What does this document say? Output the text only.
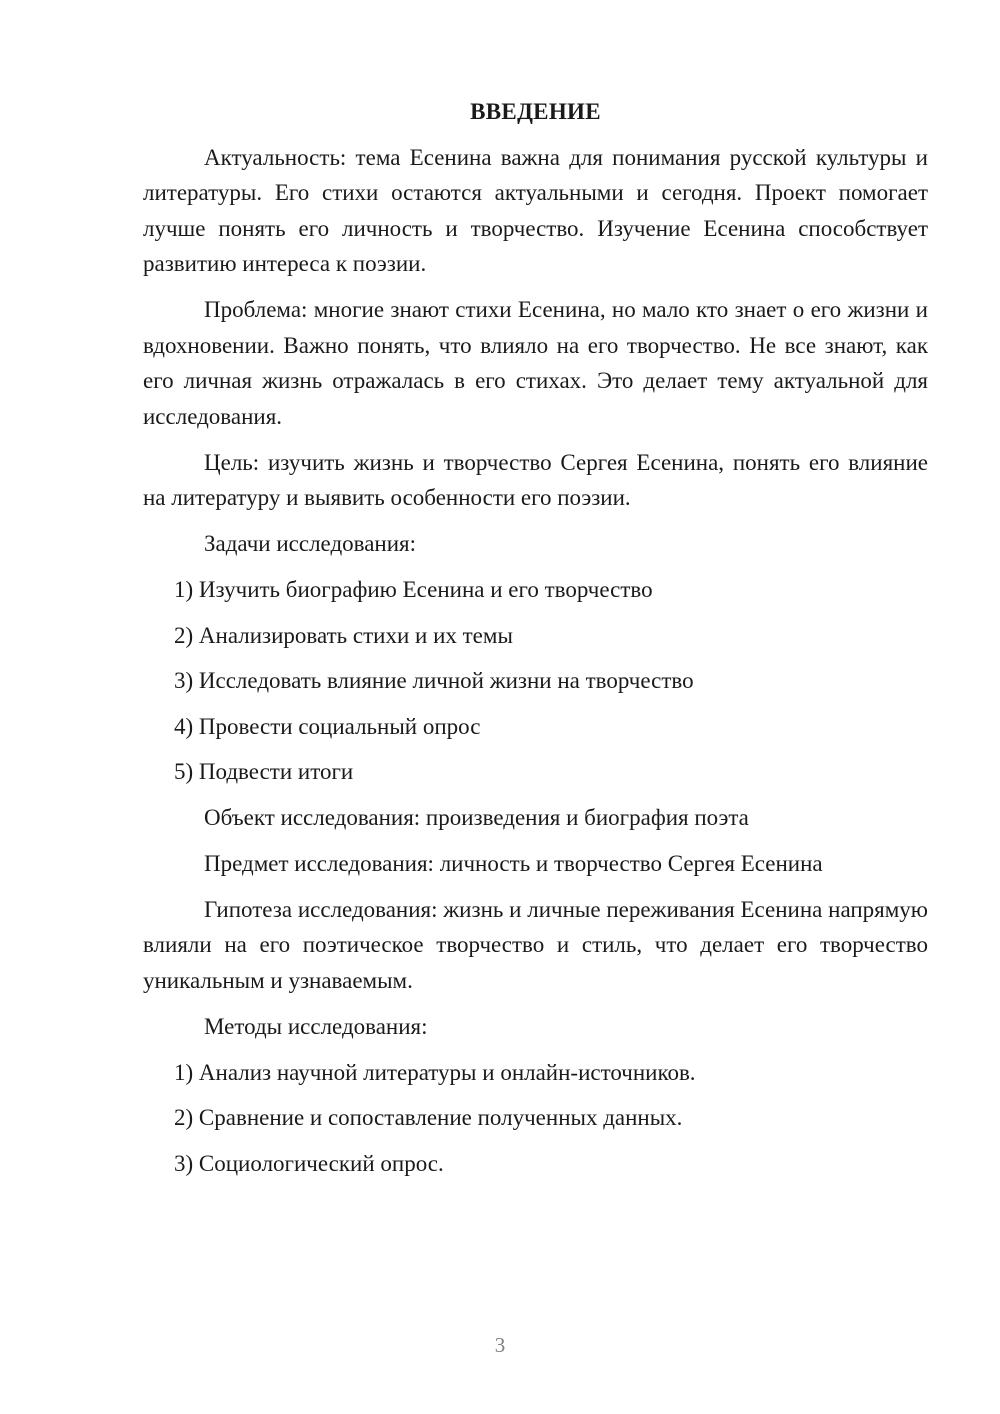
ВВЕДЕНИЕ

Актуальность: тема Есенина важна для понимания русской культуры и литературы. Его стихи остаются актуальными и сегодня. Проект помогает лучше понять его личность и творчество. Изучение Есенина способствует развитию интереса к поэзии.

Проблема: многие знают стихи Есенина, но мало кто знает о его жизни и вдохновении. Важно понять, что влияло на его творчество. Не все знают, как его личная жизнь отражалась в его стихах. Это делает тему актуальной для исследования.

Цель: изучить жизнь и творчество Сергея Есенина, понять его влияние на литературу и выявить особенности его поэзии.

Задачи исследования:

1) Изучить биографию Есенина и его творчество
2) Анализировать стихи и их темы
3) Исследовать влияние личной жизни на творчество
4) Провести социальный опрос
5) Подвести итоги

Объект исследования: произведения и биография поэта

Предмет исследования: личность и творчество Сергея Есенина

Гипотеза исследования: жизнь и личные переживания Есенина напрямую влияли на его поэтическое творчество и стиль, что делает его творчество уникальным и узнаваемым.

Методы исследования:

1) Анализ научной литературы и онлайн-источников.
2) Сравнение и сопоставление полученных данных.
3) Социологический опрос.
3
